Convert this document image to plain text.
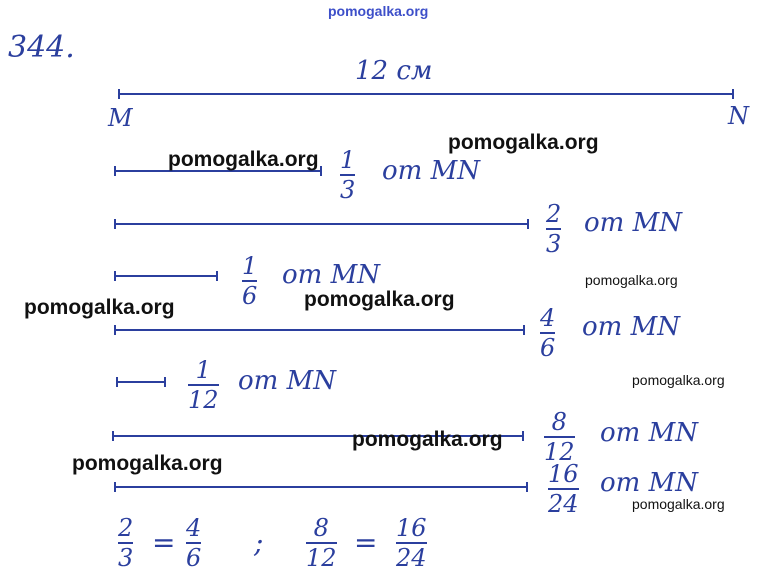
pomogalka.org
344.
12 см
M	N
1
3
от MN
2
3
от MN
1
6
от MN
4
6
от MN
1
12
от MN
8
12
от MN
16
24
от MN
2
3 = 4
6 ; 8
12 = 16
24
pomogalka.org
pomogalka.org
pomogalka.org
pomogalka.org
pomogalka.org
pomogalka.org
pomogalka.org
pomogalka.org
pomogalka.org
